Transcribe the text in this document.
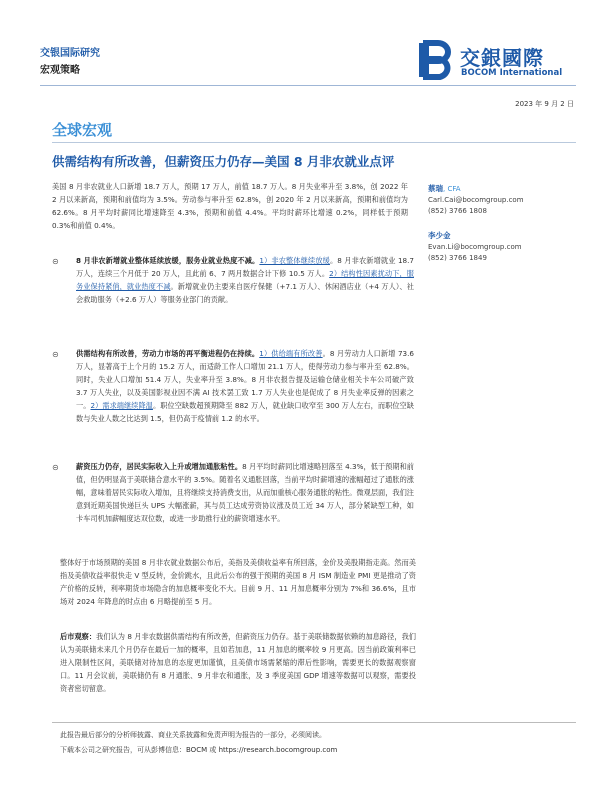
交银国际研究
宏观策略
交銀國際
BOCOM International
2023 年 9 月 2 日
全球宏观
供需结构有所改善，但薪资压力仍存—美国 8 月非农就业点评
美国 8 月非农就业人口新增 18.7 万人，预期 17 万人，前值 18.7 万人。8 月失业率升至 3.8%，创 2022 年 2 月以来新高，预期和前值均为 3.5%。劳动参与率升至 62.8%，创 2020 年 2 月以来新高，预期和前值均为 62.6%。8 月平均时薪同比增速降至 4.3%，预期和前值 4.4%。平均时薪环比增速 0.2%，同样低于预期 0.3%和前值 0.4%。
蔡瑞, CFA
Carl.Cai@bocomgroup.com
(852) 3766 1808
李少金
Evan.Li@bocomgroup.com
(852) 3766 1849
⊝ 8 月非农新增就业整体延续放缓，服务业就业热度不减。1）非农整体继续放缓。8 月非农新增就业 18.7 万人，连续三个月低于 20 万人，且此前 6、7 两月数据合计下修 10.5 万人。2）结构性因素扰动下，服务业保持紧俏，就业热度不减。新增就业仍主要来自医疗保健（+7.1 万人）、休闲酒店业（+4 万人）、社会救助服务（+2.6 万人）等服务业部门的贡献。
⊝ 供需结构有所改善，劳动力市场的再平衡进程仍在持续。1）供给端有所改善。8 月劳动力人口新增 73.6 万人，显著高于上个月的 15.2 万人，而适龄工作人口增加 21.1 万人，使得劳动力参与率升至 62.8%。同时，失业人口增加 51.4 万人，失业率升至 3.8%。8 月非农报告提及运输仓储业相关卡车公司破产致 3.7 万人失业，以及美国影视业因不满 AI 技术罢工致 1.7 万人失业也是促成了 8 月失业率反弹的因素之一。2）需求端继续降温。职位空缺数超预期降至 882 万人，就业缺口收窄至 300 万人左右，而职位空缺数与失业人数之比达到 1.5，但仍高于疫情前 1.2 的水平。
⊝ 薪资压力仍存，居民实际收入上升或增加通胀粘性。8 月平均时薪同比增速略回落至 4.3%，低于预期和前值，但仍明显高于美联储合意水平的 3.5%。随着名义通胀回落，当前平均时薪增速的涨幅超过了通胀的涨幅，意味着居民实际收入增加，且将继续支持消费支出，从而加重核心服务通胀的粘性。微观层面，我们注意到近期美国快递巨头 UPS 大幅涨薪，其与员工达成劳资协议涨及员工近 34 万人，部分紧缺型工种，如卡车司机加薪幅度达双位数，或进一步助推行业的薪资增速水平。
整体好于市场预期的美国 8 月非农就业数据公布后，美指及美债收益率有所回落，金价及美股期指走高。然而美指及美债收益率很快走 V 型反转，金价跳水，且此后公布的强于预期的美国 8 月 ISM 制造业 PMI 更是推动了资产价格的反转，利率期货市场隐含的加息概率变化不大。目前 9 月、11 月加息概率分别为 7%和 36.6%，且市场对 2024 年降息的时点由 6 月略提前至 5 月。
后市观察：我们认为 8 月非农数据供需结构有所改善，但薪资压力仍存。基于美联储数据依赖的加息路径，我们认为美联储未来几个月仍存在最后一加的概率，且如若加息，11 月加息的概率较 9 月更高。因当前政策利率已进入限制性区间，美联储对待加息的态度更加谨慎，且美债市场需紧缩的滞后性影响，需要更长的数据观察窗口。11 月会议前，美联储仍有 8 月通胀、9 月非农和通胀，及 3 季度美国 GDP 增速等数据可以观察，需要投资者密切留意。
此报告最后部分的分析师披露、商业关系披露和免责声明为报告的一部分，必须阅读。
下载本公司之研究报告，可从彭博信息：BOCM 或 https://research.bocomgroup.com
